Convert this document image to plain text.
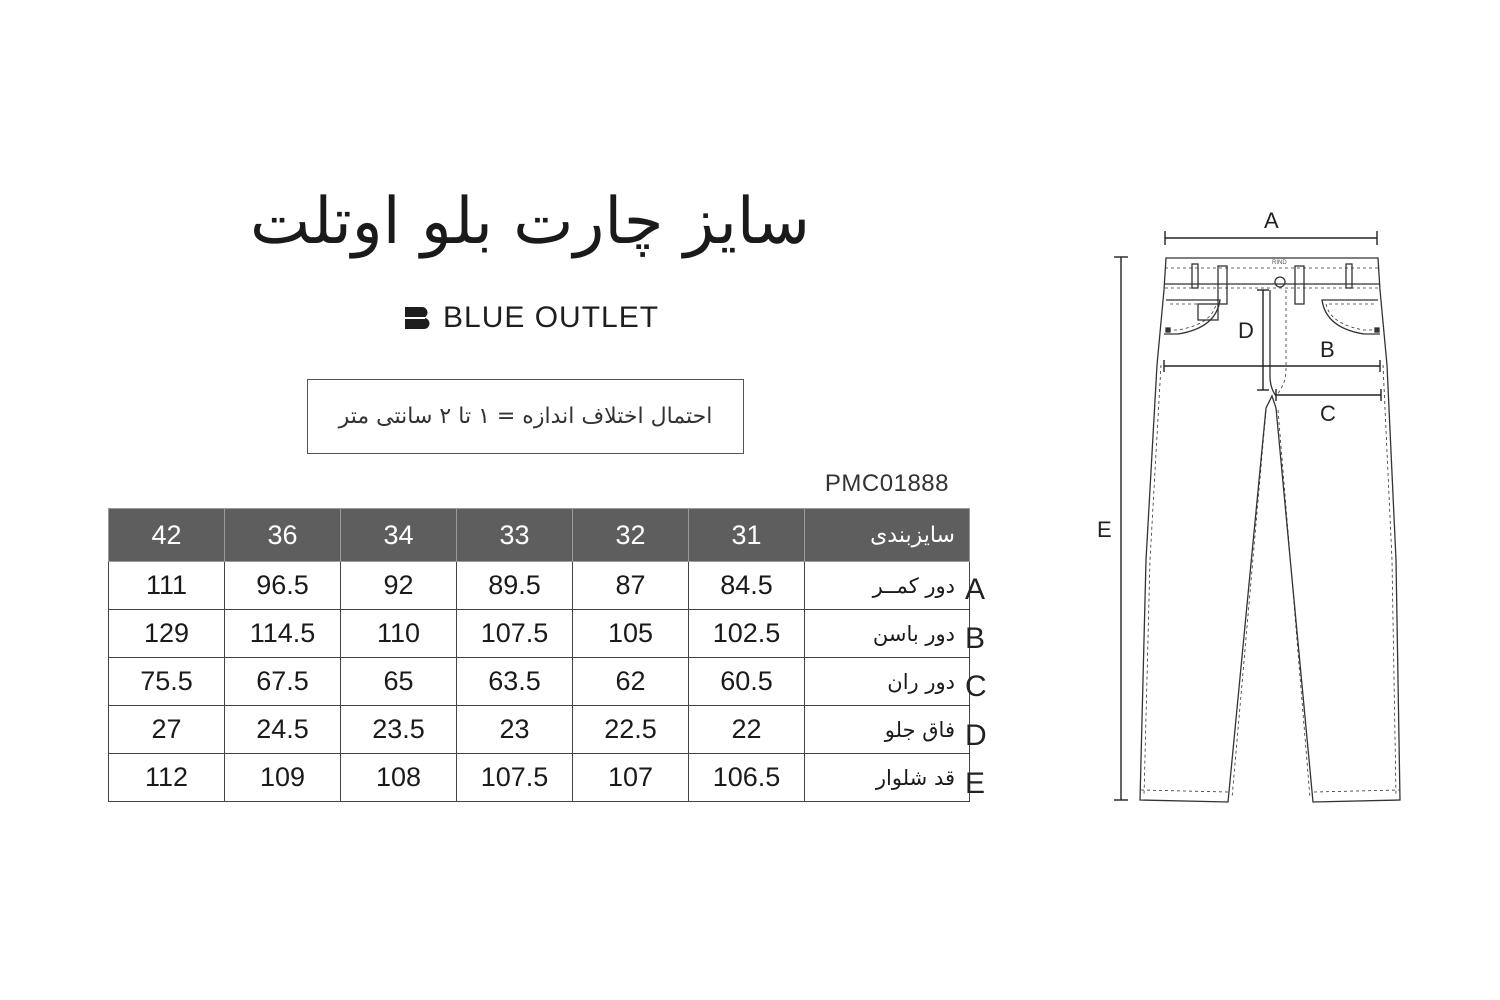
سایز چارت بلو اوتلت
BLUE OUTLET
احتمال اختلاف اندازه = ۱ تا ۲ سانتی متر
PMC01888
42	36	34	33	32	31	سایزبندی
111	96.5	92	89.5	87	84.5	دور کمــر
129	114.5	110	107.5	105	102.5	دور باسن
75.5	67.5	65	63.5	62	60.5	دور ران
27	24.5	23.5	23	22.5	22	فاق جلو
112	109	108	107.5	107	106.5	قد شلوار
A
B
C
D
E
RIND
A
B
C
D
E
